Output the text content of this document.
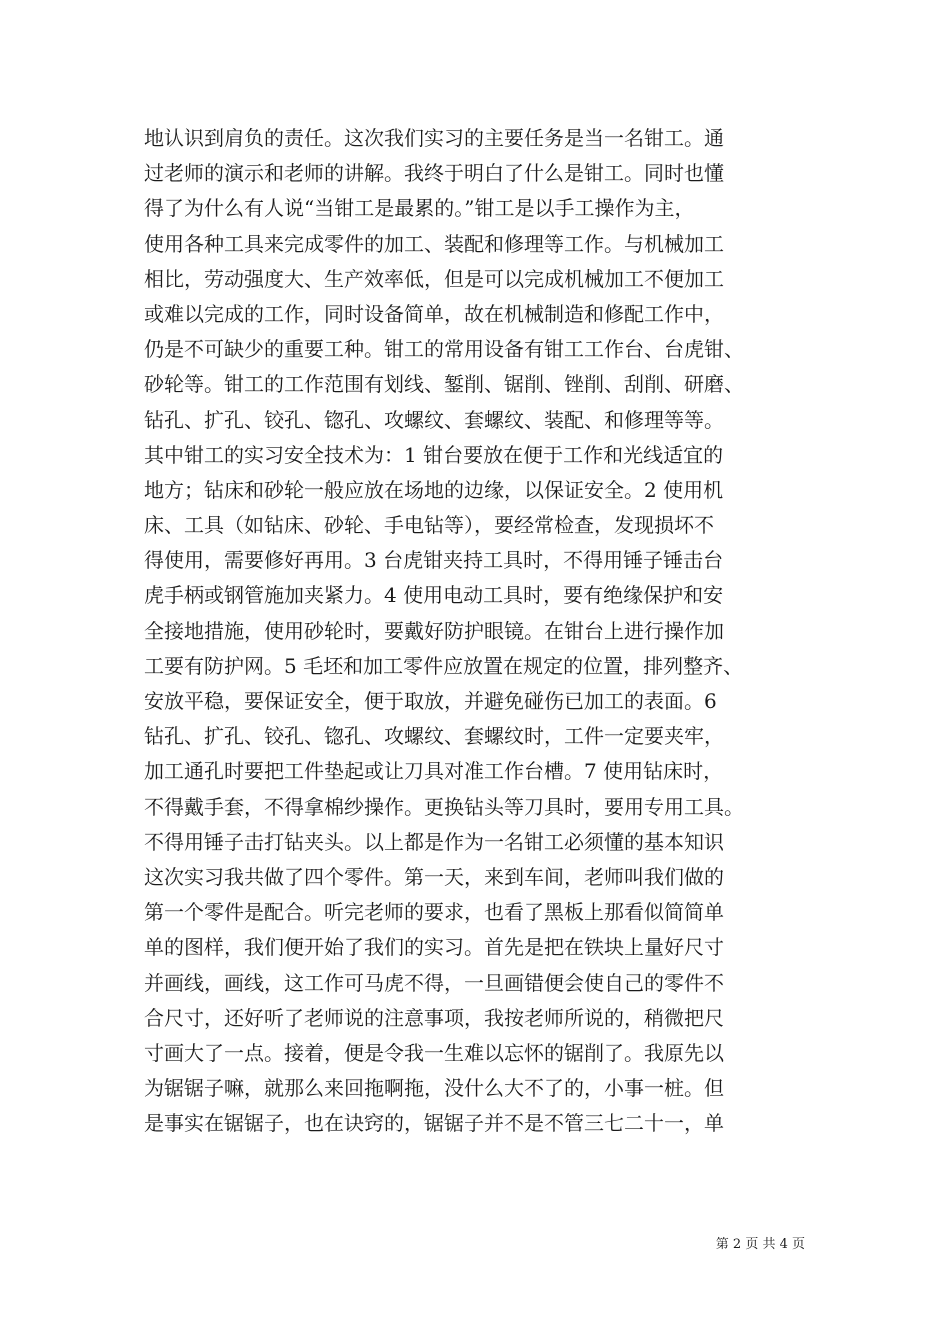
地认识到肩负的责任。这次我们实习的主要任务是当一名钳工。通
过老师的演示和老师的讲解。我终于明白了什么是钳工。同时也懂
得了为什么有人说“当钳工是最累的。”钳工是以手工操作为主，
使用各种工具来完成零件的加工、装配和修理等工作。与机械加工
相比，劳动强度大、生产效率低，但是可以完成机械加工不便加工
或难以完成的工作，同时设备简单，故在机械制造和修配工作中，
仍是不可缺少的重要工种。钳工的常用设备有钳工工作台、台虎钳、
砂轮等。钳工的工作范围有划线、錾削、锯削、锉削、刮削、研磨、
钻孔、扩孔、铰孔、锪孔、攻螺纹、套螺纹、装配、和修理等等。
其中钳工的实习安全技术为：1 钳台要放在便于工作和光线适宜的
地方；钻床和砂轮一般应放在场地的边缘，以保证安全。2 使用机
床、工具（如钻床、砂轮、手电钻等），要经常检查，发现损坏不
得使用，需要修好再用。3 台虎钳夹持工具时，不得用锤子锤击台
虎手柄或钢管施加夹紧力。4 使用电动工具时，要有绝缘保护和安
全接地措施，使用砂轮时，要戴好防护眼镜。在钳台上进行操作加
工要有防护网。5 毛坯和加工零件应放置在规定的位置，排列整齐、
安放平稳，要保证安全，便于取放，并避免碰伤已加工的表面。6
钻孔、扩孔、铰孔、锪孔、攻螺纹、套螺纹时，工件一定要夹牢，
加工通孔时要把工件垫起或让刀具对准工作台槽。7 使用钻床时，
不得戴手套，不得拿棉纱操作。更换钻头等刀具时，要用专用工具。
不得用锤子击打钻夹头。以上都是作为一名钳工必须懂的基本知识
这次实习我共做了四个零件。第一天，来到车间，老师叫我们做的
第一个零件是配合。听完老师的要求，也看了黑板上那看似简简单
单的图样，我们便开始了我们的实习。首先是把在铁块上量好尺寸
并画线，画线，这工作可马虎不得，一旦画错便会使自己的零件不
合尺寸，还好听了老师说的注意事项，我按老师所说的，稍微把尺
寸画大了一点。接着，便是令我一生难以忘怀的锯削了。我原先以
为锯锯子嘛，就那么来回拖啊拖，没什么大不了的，小事一桩。但
是事实在锯锯子，也在诀窍的，锯锯子并不是不管三七二十一，单
第 2 页 共 4 页
